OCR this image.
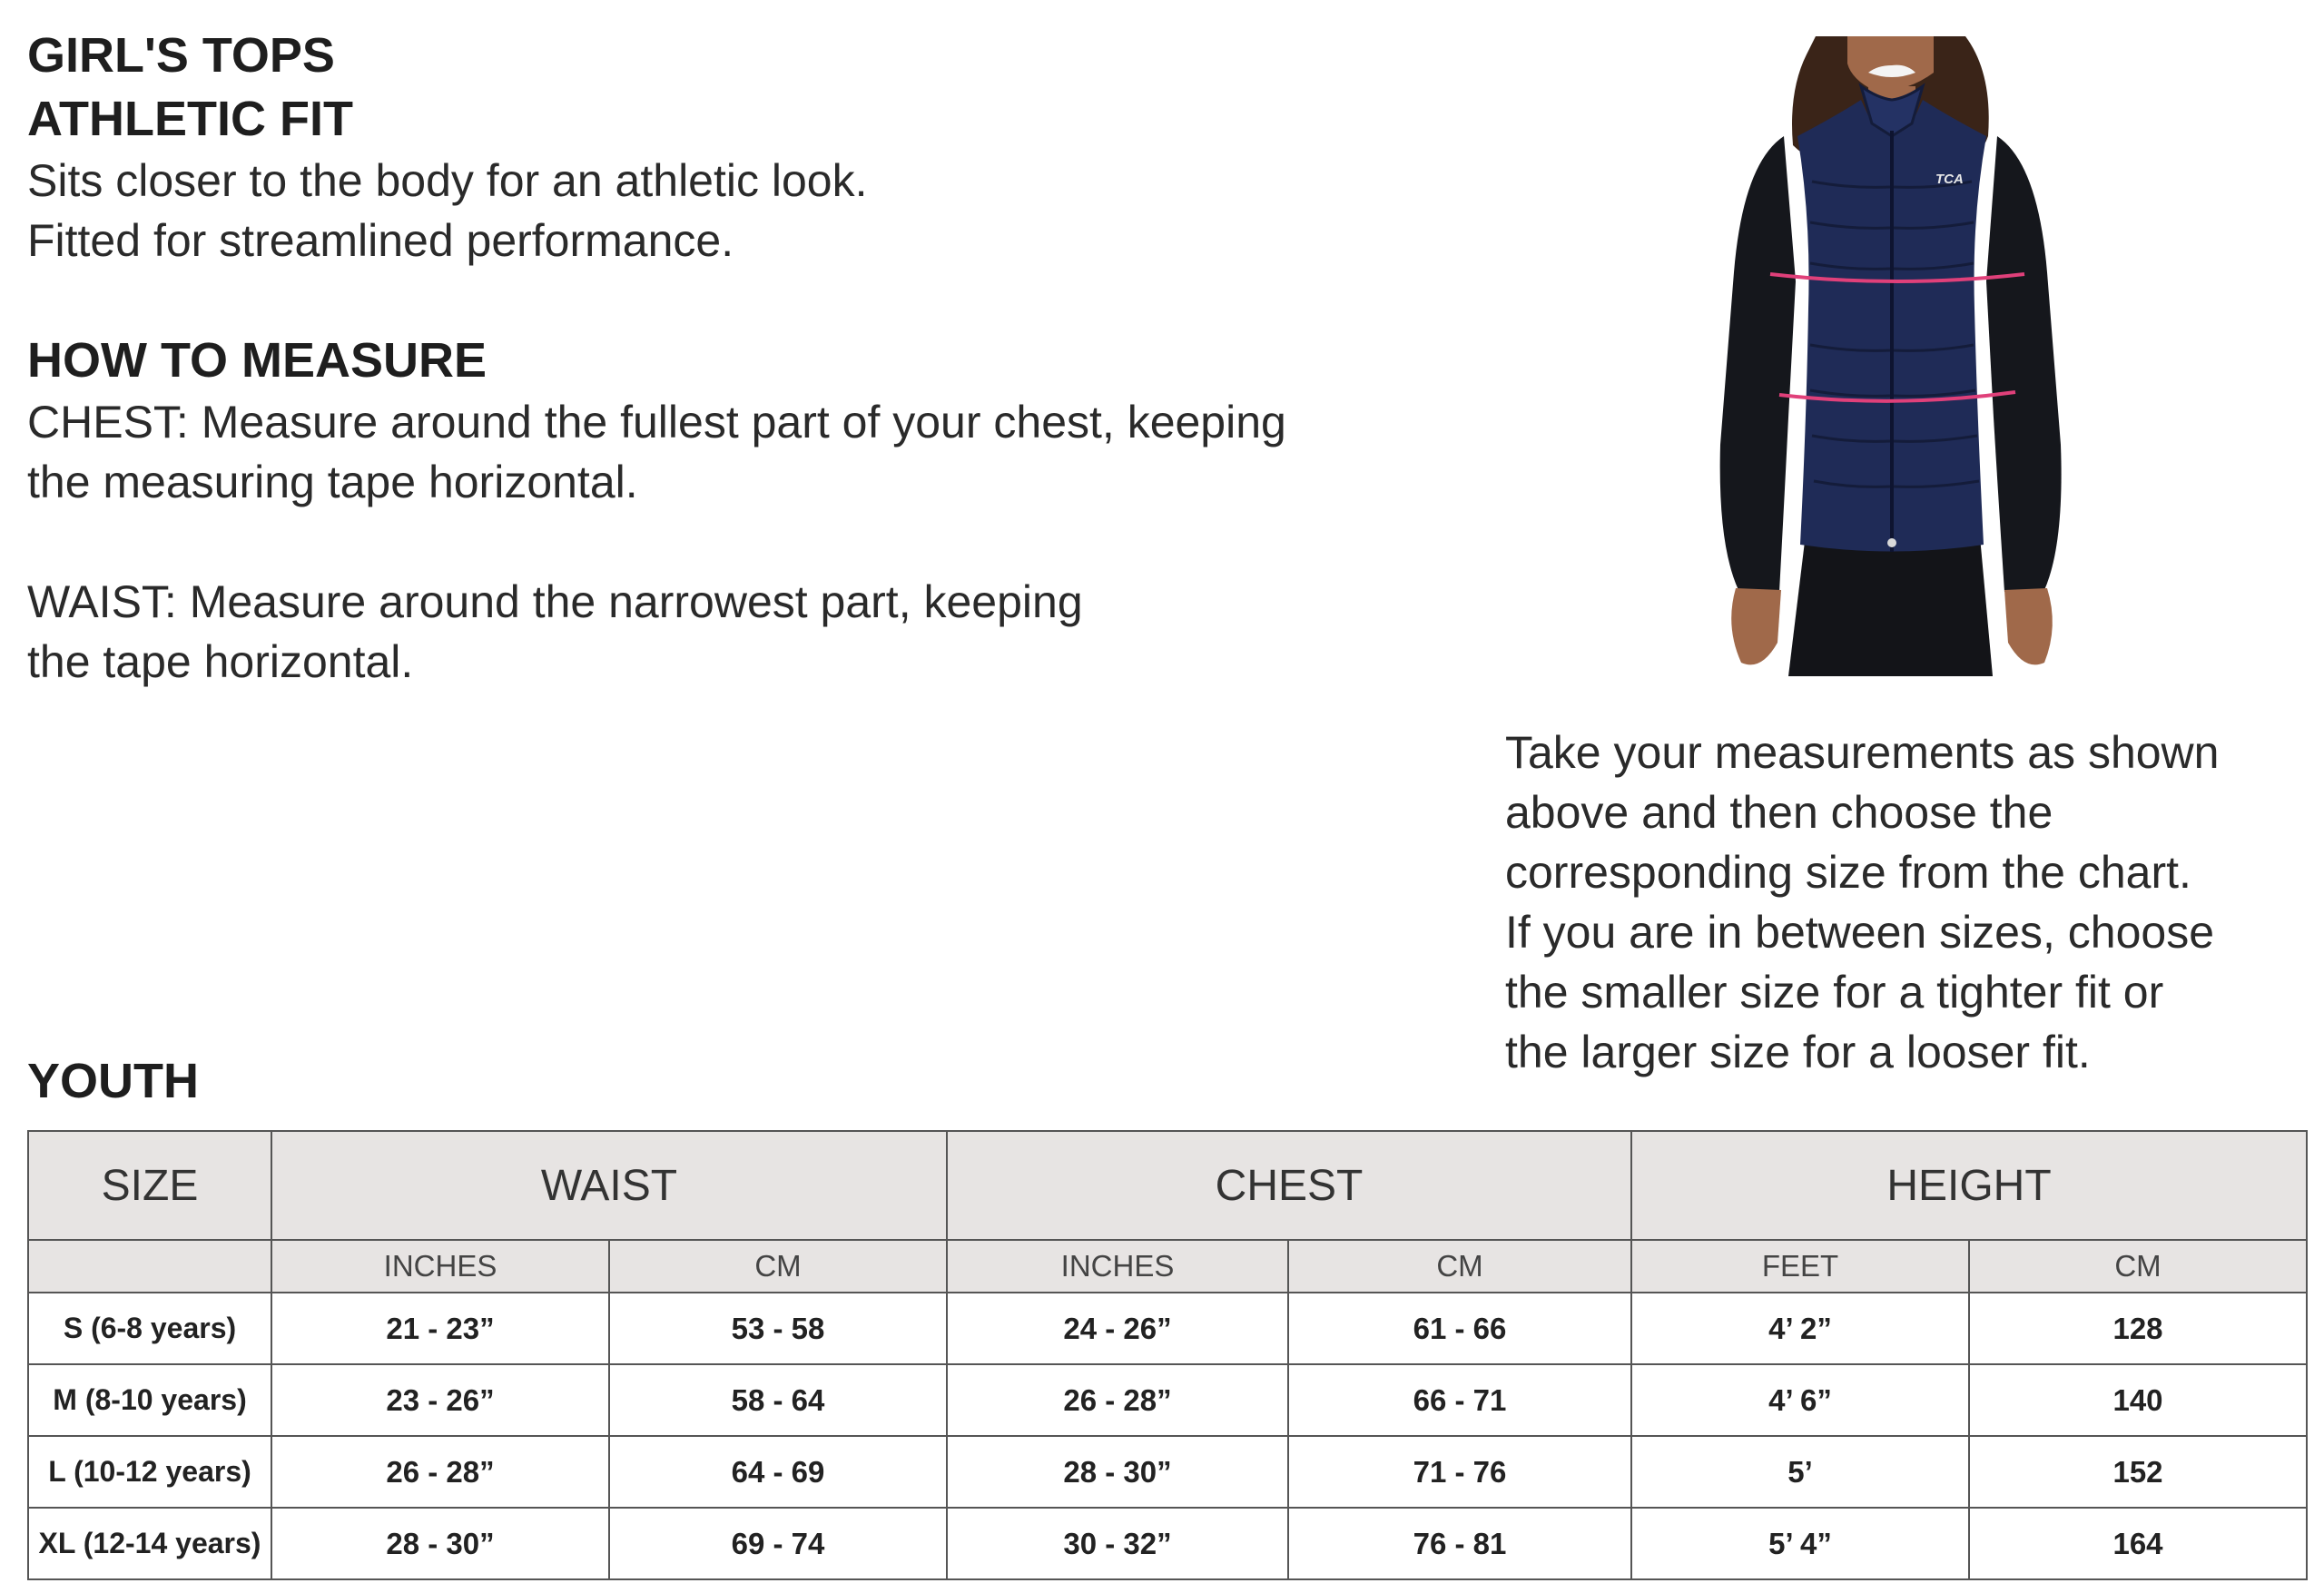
GIRL'S TOPS
ATHLETIC FIT

Sits closer to the body for an athletic look.

Fitted for streamlined performance.

HOW TO MEASURE

CHEST: Measure around the fullest part of your chest, keeping

the measuring tape horizontal.

WAIST: Measure around the narrowest part, keeping

the tape horizontal.

TCA
Take your measurements as shown
above and then choose the
corresponding size from the chart.
If you are in between sizes, choose
the smaller size for a tighter fit or
the larger size for a looser fit.
YOUTH
SIZE	WAIST		CHEST		HEIGHT	
	INCHES	CM	INCHES	CM	FEET	CM
S (6-8 years)	21 - 23”	53 - 58	24 - 26”	61 - 66	4’ 2”	128
M (8-10 years)	23 - 26”	58 - 64	26 - 28”	66 - 71	4’ 6”	140
L (10-12 years)	26 - 28”	64 - 69	28 - 30”	71 - 76	5’	152
XL (12-14 years)	28 - 30”	69 - 74	30 - 32”	76 - 81	5’ 4”	164
